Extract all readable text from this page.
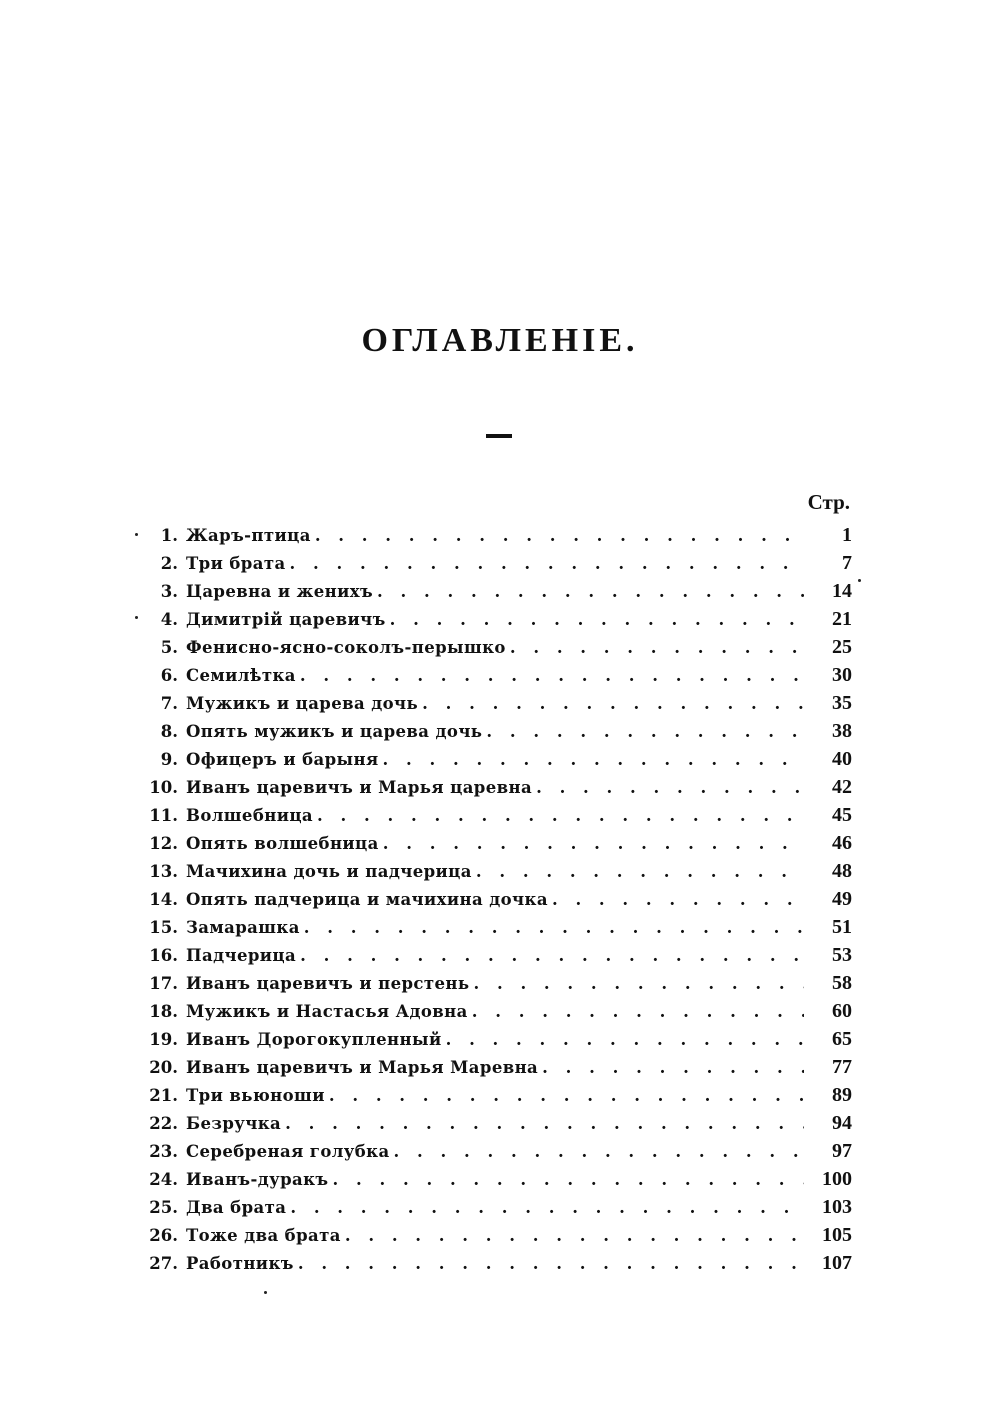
ОГЛАВЛЕНІЕ.
Стр.
1. Жаръ-птица . . .	1
2. Три брата . . .	7
3. Царевна и женихъ . . .	14
4. Димитрій царевичъ . . .	21
5. Фенисно-ясно-соколъ-перышко . . .	25
6. Семилѣтка . . .	30
7. Мужикъ и царева дочь . . .	35
8. Опять мужикъ и царева дочь . . .	38
9. Офицеръ и барыня . . .	40
10. Иванъ царевичъ и Марья царевна . . .	42
11. Волшебница . . .	45
12. Опять волшебница . . .	46
13. Мачихина дочь и падчерица . . .	48
14. Опять падчерица и мачихина дочка . . .	49
15. Замарашка . . .	51
16. Падчерица . . .	53
17. Иванъ царевичъ и перстень . . .	58
18. Мужикъ и Настасья Адовна . . .	60
19. Иванъ Дорогокупленный . . .	65
20. Иванъ царевичъ и Марья Маревна . . .	77
21. Три вьюноши . . .	89
22. Безручка . . .	94
23. Серебреная голубка . . .	97
24. Иванъ-дуракъ . . .	100
25. Два брата . . .	103
26. Тоже два брата . . .	105
27. Работникъ . . .	107
